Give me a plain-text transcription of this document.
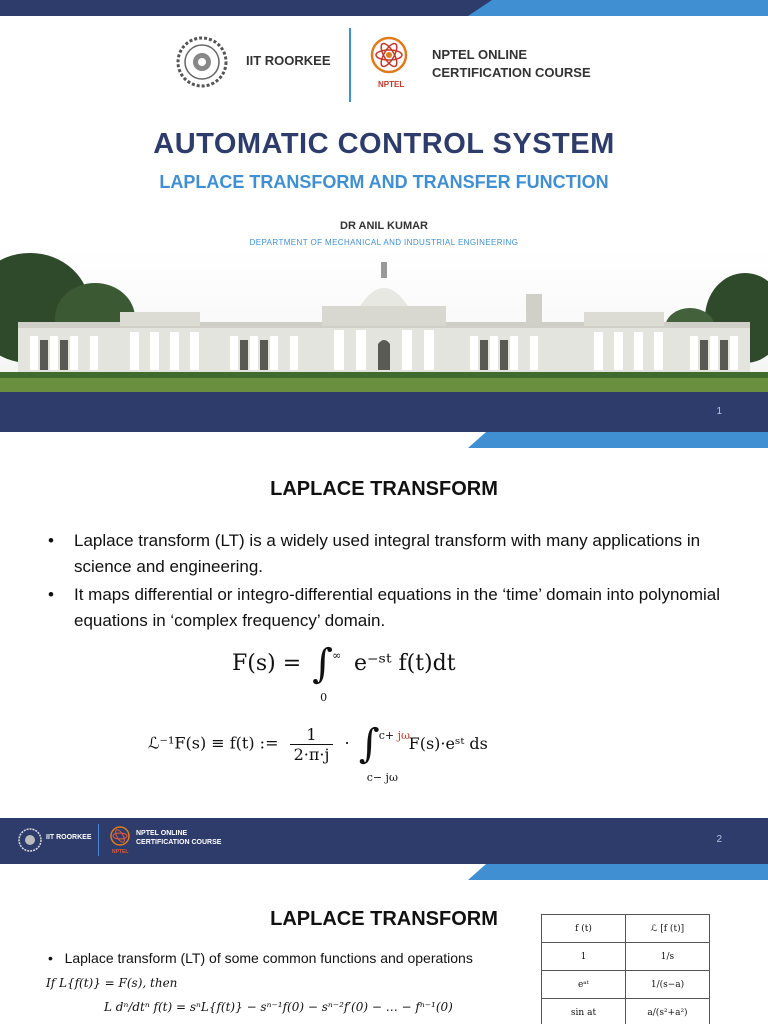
IIT ROORKEE
NPTEL
NPTEL ONLINE
CERTIFICATION COURSE
AUTOMATIC CONTROL SYSTEM
LAPLACE TRANSFORM AND TRANSFER FUNCTION
DR ANIL KUMAR
DEPARTMENT OF MECHANICAL AND INDUSTRIAL ENGINEERING
1
LAPLACE TRANSFORM
• Laplace transform (LT) is a widely used integral transform with many applications in science and engineering.
• It maps differential or integro-differential equations in the ‘time’ domain into polynomial equations in ‘complex frequency’ domain.
F(s) = ∫ ∞
0
e⁻ˢᵗ f(t)dt
ℒ⁻¹F(s) ≡ f(t) := $\frac{1}{2\cdot\pi\cdot j}$ · ∫ c+ jω
c− jω
F(s)·eˢᵗ ds
IIT ROORKEE
NPTEL
NPTEL ONLINE
CERTIFICATION COURSE	2
LAPLACE TRANSFORM
•   Laplace transform (LT) of some common functions and operations
If L{f(t)} = F(s), then
L dⁿ/dtⁿ f(t) = sⁿL{f(t)} − sⁿ⁻¹f(0) − sⁿ⁻²f′(0) − … − fⁿ⁻¹(0)
f (t)	ℒ [f (t)]
1	1/s
eᵃᵗ	1/(s−a)
sin at	a/(s²+a²)
